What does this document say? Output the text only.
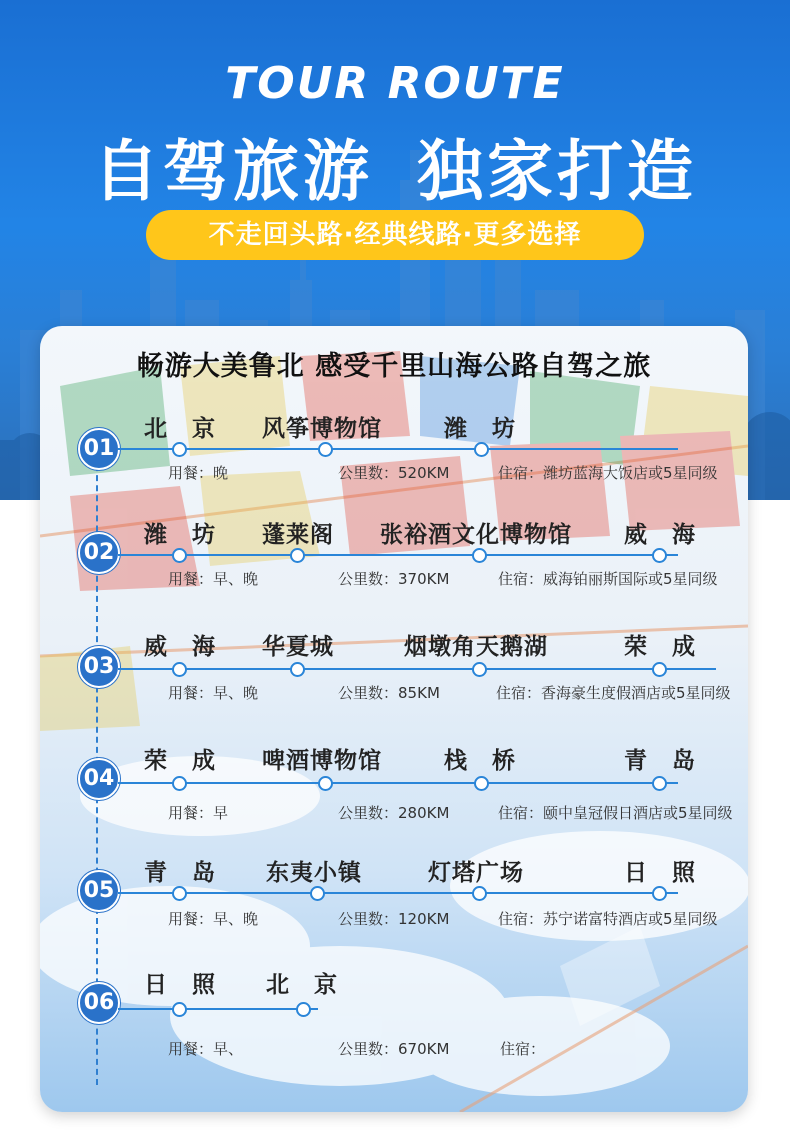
TOUR ROUTE
自驾旅游 独家打造
不走回头路·经典线路·更多选择
畅游大美鲁北 感受千里山海公路自驾之旅
北　京 风筝博物馆	潍　坊
01
用餐：晚	公里数：520KM	住宿：潍坊蓝海大饭店或5星同级
潍　坊 蓬莱阁 张裕酒文化博物馆 威　海
02
用餐：早、晚	公里数：370KM	住宿：威海铂丽斯国际或5星同级
威　海 华夏城	烟墩角天鹅湖	荣　成
03
用餐：早、晚	公里数：85KM	住宿：香海豪生度假酒店或5星同级
荣　成 啤酒博物馆	栈　桥	青　岛
04
用餐：早	公里数：280KM	住宿：颐中皇冠假日酒店或5星同级
青　岛 东夷小镇	灯塔广场	日　照
05
用餐：早、晚	公里数：120KM	住宿：苏宁诺富特酒店或5星同级
日　照 北　京
06
用餐：早、	公里数：670KM	住宿：
